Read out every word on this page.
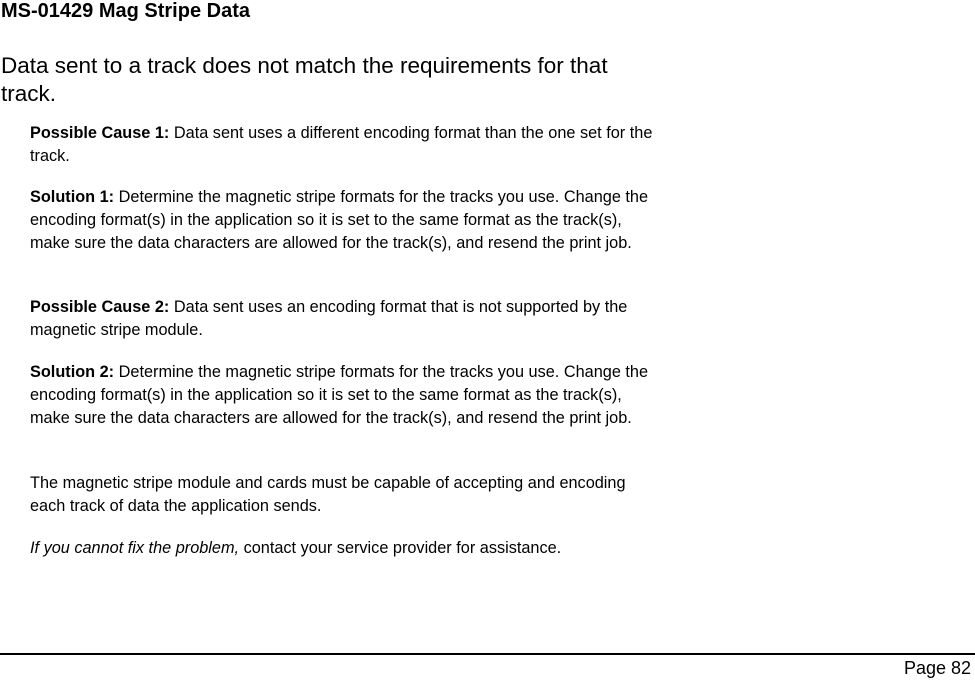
MS-01429 Mag Stripe Data

Data sent to a track does not match the requirements for that track.

Possible Cause 1: Data sent uses a different encoding format than the one set for the track.

Solution 1: Determine the magnetic stripe formats for the tracks you use. Change the encoding format(s) in the application so it is set to the same format as the track(s), make sure the data characters are allowed for the track(s), and resend the print job.

Possible Cause 2: Data sent uses an encoding format that is not supported by the magnetic stripe module.

Solution 2: Determine the magnetic stripe formats for the tracks you use. Change the encoding format(s) in the application so it is set to the same format as the track(s), make sure the data characters are allowed for the track(s), and resend the print job.

The magnetic stripe module and cards must be capable of accepting and encoding each track of data the application sends.

If you cannot fix the problem, contact your service provider for assistance.

Page 82
